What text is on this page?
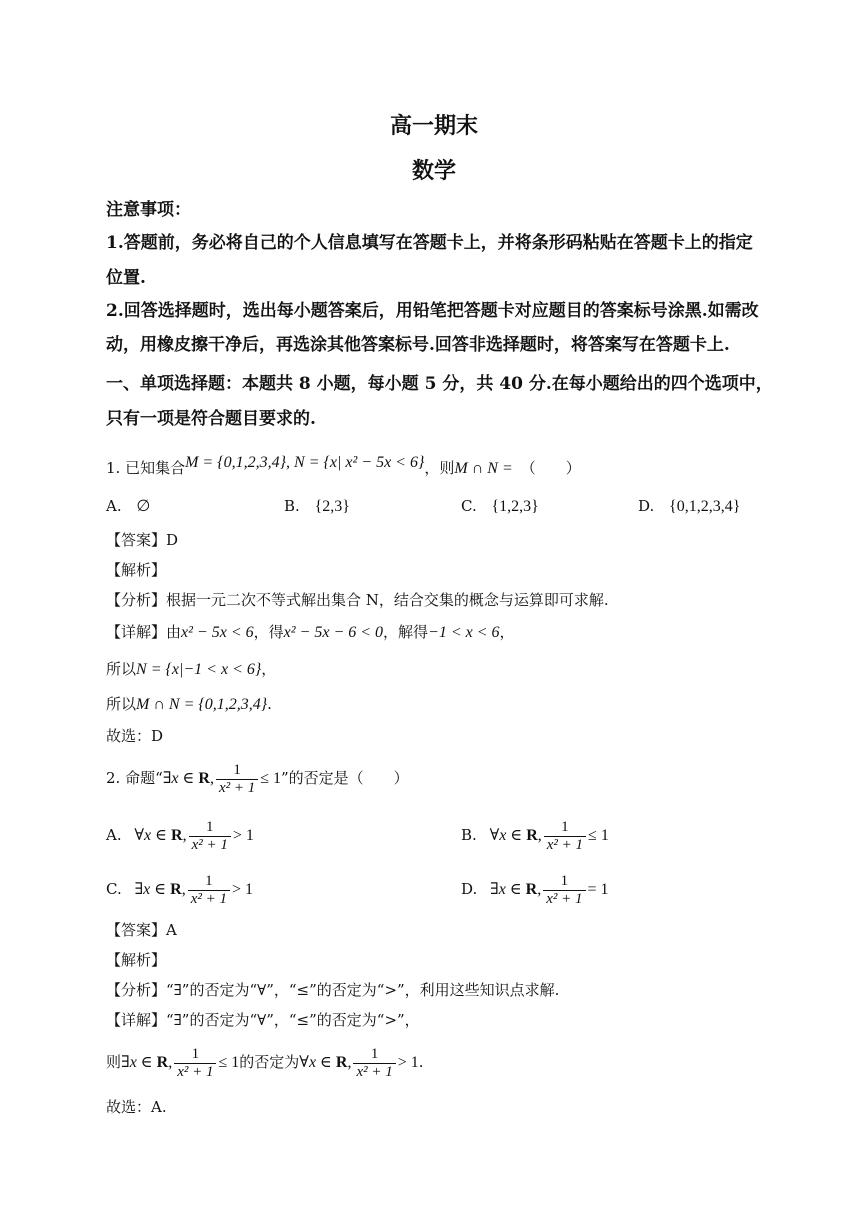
高一期末
数学
注意事项：
1.答题前，务必将自己的个人信息填写在答题卡上，并将条形码粘贴在答题卡上的指定
位置.
2.回答选择题时，选出每小题答案后，用铅笔把答题卡对应题目的答案标号涂黑.如需改
动，用橡皮擦干净后，再选涂其他答案标号.回答非选择题时，将答案写在答题卡上.
一、单项选择题：本题共 8 小题，每小题 5 分，共 40 分.在每小题给出的四个选项中，
只有一项是符合题目要求的.
1. 已知集合M = {0,1,2,3,4}, N = {x| x² − 5x < 6}，则M ∩ N = （　　）
A. ∅	B. {2,3}	C. {1,2,3}	D. {0,1,2,3,4}
【答案】D
【解析】
【分析】根据一元二次不等式解出集合 N，结合交集的概念与运算即可求解.
【详解】由x² − 5x < 6，得x² − 5x − 6 < 0，解得−1 < x < 6，
所以N = {x|−1 < x < 6}，
所以M ∩ N = {0,1,2,3,4}.
故选：D
2. 命题“∃x ∈ R, $\frac{1}{\text{x² + 1}} \le 1$”的否定是（　　）
A. ∀x ∈ R, $\frac{1}{\text{x² + 1}} > 1$	B. ∀x ∈ R, $\frac{1}{\text{x² + 1}} \le 1$
C. ∃x ∈ R, $\frac{1}{\text{x² + 1}} > 1$	D. ∃x ∈ R, $\frac{1}{\text{x² + 1}} = 1$
【答案】A
【解析】
【分析】“∃”的否定为“∀”，“≤”的否定为“>”，利用这些知识点求解.
【详解】“∃”的否定为“∀”，“≤”的否定为“>”，
则∃x ∈ R, $\frac{1}{\text{x² + 1}} \le 1$的否定为∀x ∈ R, $\frac{1}{\text{x² + 1}} > 1$.
故选：A.
